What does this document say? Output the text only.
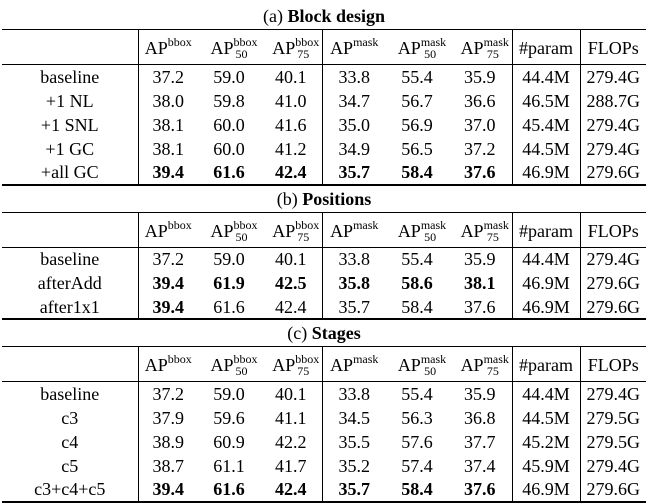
(a) Block design								
	$AP^{bbox}$	$AP^{bbox}_{50}$	$AP^{bbox}_{75}$	$AP^{mask}$	$AP^{mask}_{50}$	$AP^{mask}_{75}$	#param	FLOPs
baseline	37.2	59.0	40.1	33.8	55.4	35.9	44.4M	279.4G
+1 NL	38.0	59.8	41.0	34.7	56.7	36.6	46.5M	288.7G
+1 SNL	38.1	60.0	41.6	35.0	56.9	37.0	45.4M	279.4G
+1 GC	38.1	60.0	41.2	34.9	56.5	37.2	44.5M	279.4G
+all GC	39.4	61.6	42.4	35.7	58.4	37.6	46.9M	279.6G
(b) Positions								
	$AP^{bbox}$	$AP^{bbox}_{50}$	$AP^{bbox}_{75}$	$AP^{mask}$	$AP^{mask}_{50}$	$AP^{mask}_{75}$	#param	FLOPs
baseline	37.2	59.0	40.1	33.8	55.4	35.9	44.4M	279.4G
afterAdd	39.4	61.9	42.5	35.8	58.6	38.1	46.9M	279.6G
after1x1	39.4	61.6	42.4	35.7	58.4	37.6	46.9M	279.6G
(c) Stages								
	$AP^{bbox}$	$AP^{bbox}_{50}$	$AP^{bbox}_{75}$	$AP^{mask}$	$AP^{mask}_{50}$	$AP^{mask}_{75}$	#param	FLOPs
baseline	37.2	59.0	40.1	33.8	55.4	35.9	44.4M	279.4G
c3	37.9	59.6	41.1	34.5	56.3	36.8	44.5M	279.5G
c4	38.9	60.9	42.2	35.5	57.6	37.7	45.2M	279.5G
c5	38.7	61.1	41.7	35.2	57.4	37.4	45.9M	279.4G
c3+c4+c5	39.4	61.6	42.4	35.7	58.4	37.6	46.9M	279.6G
